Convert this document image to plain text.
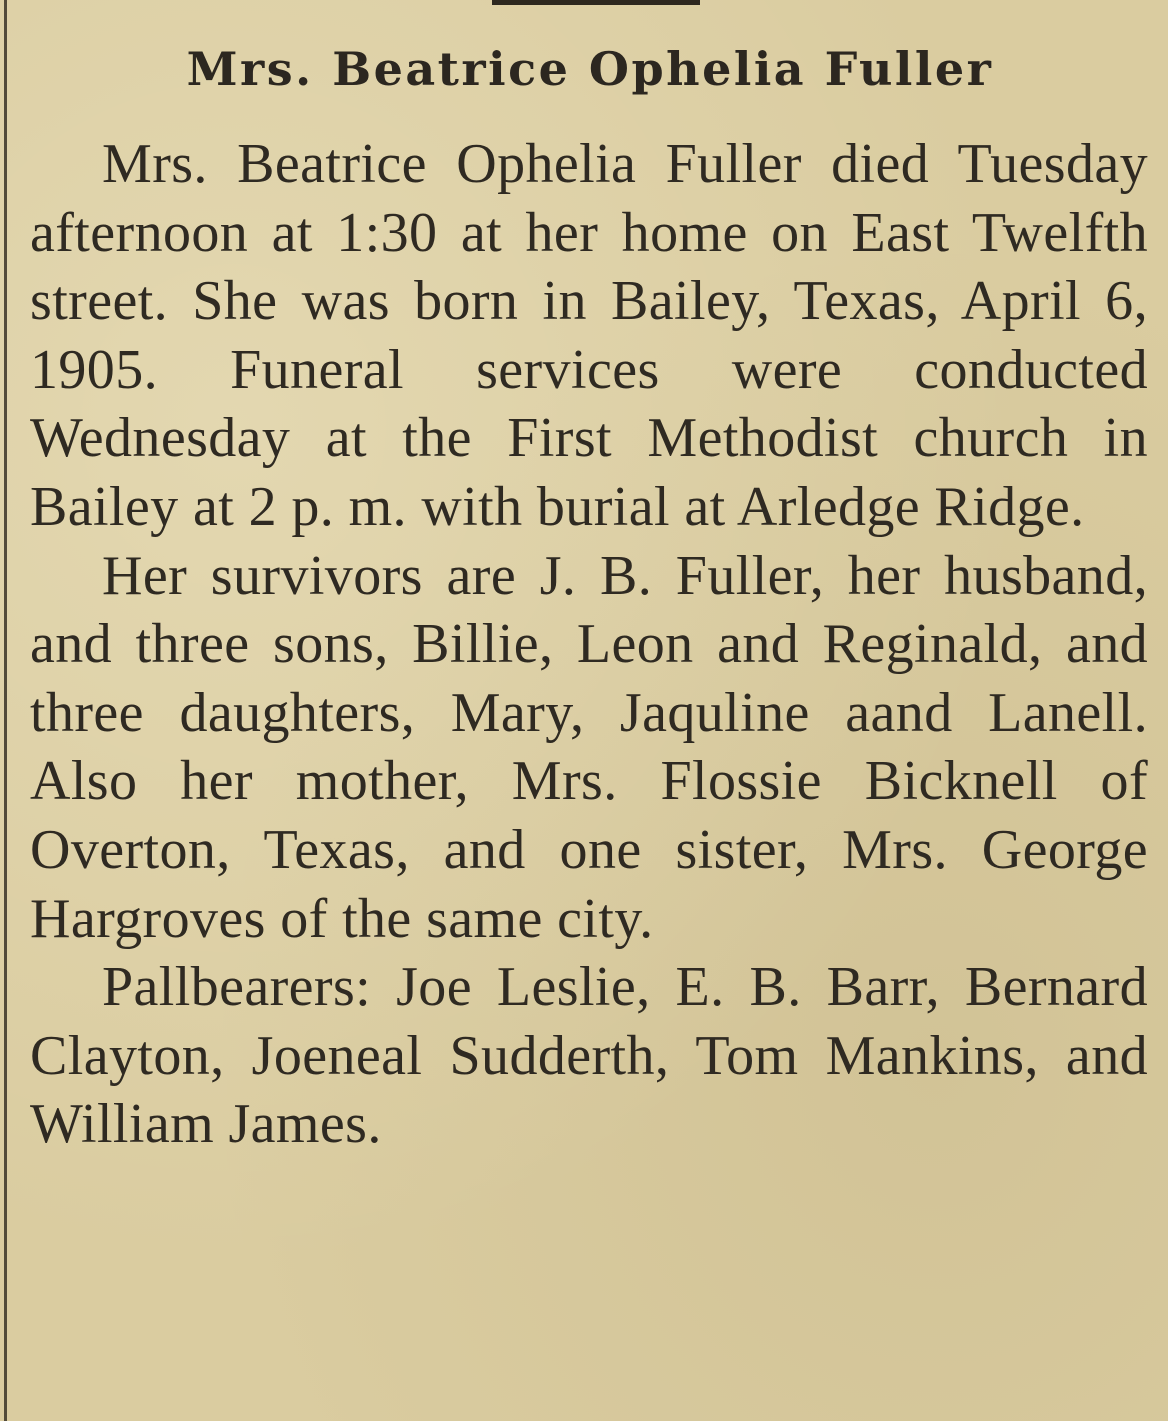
Mrs. Beatrice Ophelia Fuller

Mrs. Beatrice Ophelia Fuller died Tuesday afternoon at 1:30 at her home on East Twelfth street. She was born in Bailey, Texas, April 6, 1905. Funeral services were conducted Wednesday at the First Methodist church in Bailey at 2 p. m. with burial at Arledge Ridge.

Her survivors are J. B. Fuller, her husband, and three sons, Billie, Leon and Reginald, and three daughters, Mary, Jaquline aand Lanell. Also her mother, Mrs. Flossie Bicknell of Overton, Texas, and one sister, Mrs. George Hargroves of the same city.

Pallbearers: Joe Leslie, E. B. Barr, Bernard Clayton, Joeneal Sudderth, Tom Mankins, and William James.
